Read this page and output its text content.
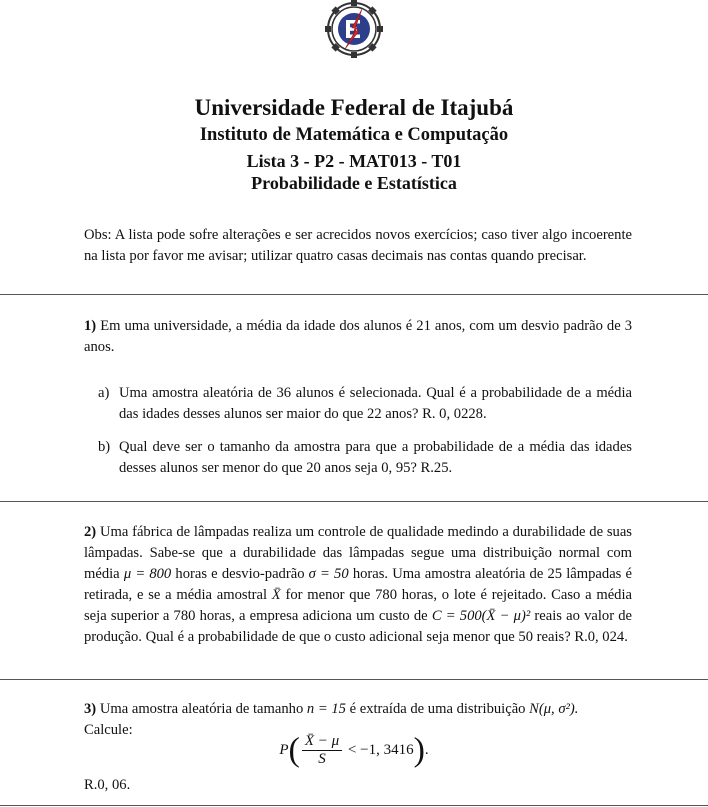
Universidade Federal de Itajubá
Instituto de Matemática e Computação
Lista 3 - P2 - MAT013 - T01
Probabilidade e Estatística
Obs: A lista pode sofre alterações e ser acrecidos novos exercícios; caso tiver algo incoerente na lista por favor me avisar; utilizar quatro casas decimais nas contas quando precisar.
1) Em uma universidade, a média da idade dos alunos é 21 anos, com um desvio padrão de 3 anos.
a) Uma amostra aleatória de 36 alunos é selecionada. Qual é a probabilidade de a média das idades desses alunos ser maior do que 22 anos? R. 0, 0228.
b) Qual deve ser o tamanho da amostra para que a probabilidade de a média das idades desses alunos ser menor do que 20 anos seja 0, 95? R.25.
2) Uma fábrica de lâmpadas realiza um controle de qualidade medindo a durabilidade de suas lâmpadas. Sabe-se que a durabilidade das lâmpadas segue uma distribuição normal com média μ = 800 horas e desvio-padrão σ = 50 horas. Uma amostra aleatória de 25 lâmpadas é retirada, e se a média amostral X̄ for menor que 780 horas, o lote é rejeitado. Caso a média seja superior a 780 horas, a empresa adiciona um custo de C = 500(X̄ − μ)² reais ao valor de produção. Qual é a probabilidade de que o custo adicional seja menor que 50 reais? R.0, 024.
3) Uma amostra aleatória de tamanho n = 15 é extraída de uma distribuição N(μ, σ²).
Calcule:
$P( \frac{X̄ - \mu}{S} < -1$, 3416).
R.0, 06.
